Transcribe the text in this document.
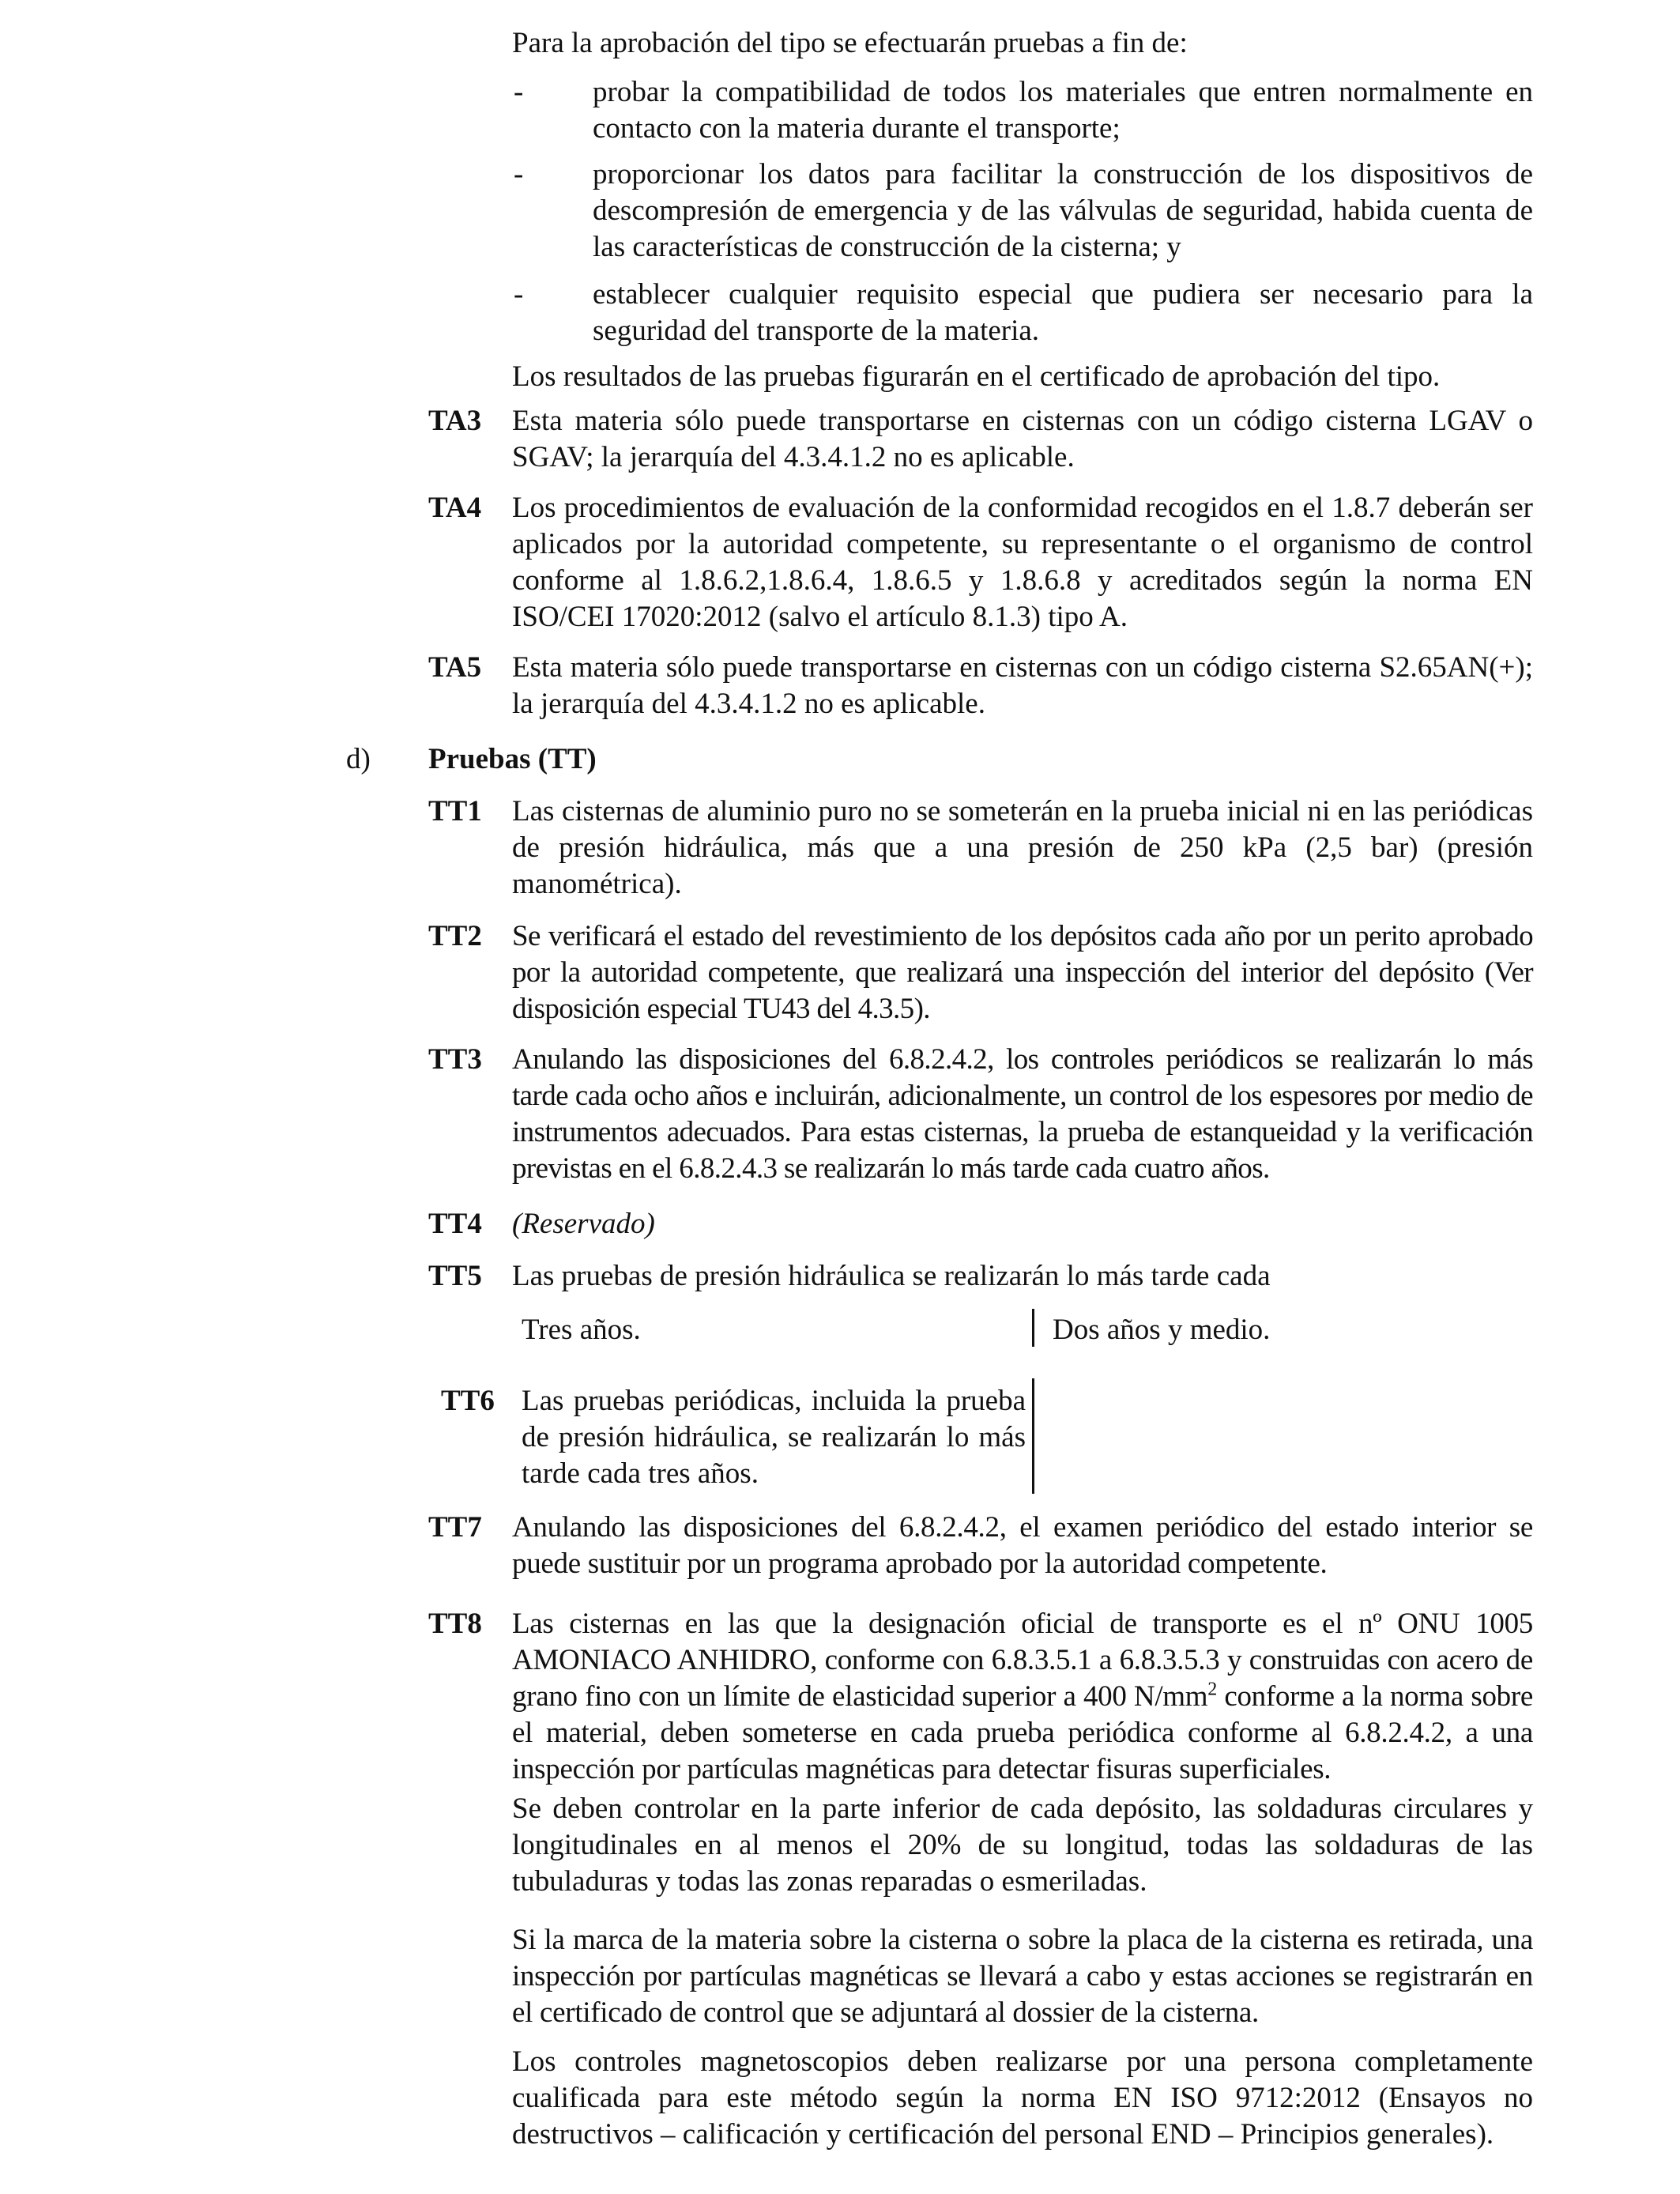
Para la aprobación del tipo se efectuarán pruebas a fin de:

- probar la compatibilidad de todos los materiales que entren normalmente en contacto con la materia durante el transporte;

- proporcionar los datos para facilitar la construcción de los dispositivos de descompresión de emergencia y de las válvulas de seguridad, habida cuenta de las características de construcción de la cisterna; y

- establecer cualquier requisito especial que pudiera ser necesario para la seguridad del transporte de la materia.

Los resultados de las pruebas figurarán en el certificado de aprobación del tipo.

TA3 Esta materia sólo puede transportarse en cisternas con un código cisterna LGAV o SGAV; la jerarquía del 4.3.4.1.2 no es aplicable.

TA4 Los procedimientos de evaluación de la conformidad recogidos en el 1.8.7 deberán ser aplicados por la autoridad competente, su representante o el organismo de control conforme al 1.8.6.2,1.8.6.4, 1.8.6.5 y 1.8.6.8 y acreditados según la norma EN ISO/CEI 17020:2012 (salvo el artículo 8.1.3) tipo A.

TA5 Esta materia sólo puede transportarse en cisternas con un código cisterna S2.65AN(+); la jerarquía del 4.3.4.1.2 no es aplicable.

d) Pruebas (TT)
TT1 Las cisternas de aluminio puro no se someterán en la prueba inicial ni en las periódicas de presión hidráulica, más que a una presión de 250 kPa (2,5 bar) (presión manométrica).

TT2 Se verificará el estado del revestimiento de los depósitos cada año por un perito aprobado por la autoridad competente, que realizará una inspección del interior del depósito (Ver disposición especial TU43 del 4.3.5).

TT3 Anulando las disposiciones del 6.8.2.4.2, los controles periódicos se realizarán lo más tarde cada ocho años e incluirán, adicionalmente, un control de los espesores por medio de instrumentos adecuados. Para estas cisternas, la prueba de estanqueidad y la verificación previstas en el 6.8.2.4.3 se realizarán lo más tarde cada cuatro años.

TT4 (Reservado)

TT5 Las pruebas de presión hidráulica se realizarán lo más tarde cada

Tres años.	Dos años y medio.
TT6 Las pruebas periódicas, incluida la prueba de presión hidráulica, se realizarán lo más tarde cada tres años.

TT7 Anulando las disposiciones del 6.8.2.4.2, el examen periódico del estado interior se puede sustituir por un programa aprobado por la autoridad competente.

TT8 Las cisternas en las que la designación oficial de transporte es el nº ONU 1005 AMONIACO ANHIDRO, conforme con 6.8.3.5.1 a 6.8.3.5.3 y construidas con acero de grano fino con un límite de elasticidad superior a 400 $N/mm^2$ conforme a la norma sobre el material, deben someterse en cada prueba periódica conforme al 6.8.2.4.2, a una inspección por partículas magnéticas para detectar fisuras superficiales.

Se deben controlar en la parte inferior de cada depósito, las soldaduras circulares y longitudinales en al menos el 20% de su longitud, todas las soldaduras de las tubuladuras y todas las zonas reparadas o esmeriladas.

Si la marca de la materia sobre la cisterna o sobre la placa de la cisterna es retirada, una inspección por partículas magnéticas se llevará a cabo y estas acciones se registrarán en el certificado de control que se adjuntará al dossier de la cisterna.

Los controles magnetoscopios deben realizarse por una persona completamente cualificada para este método según la norma EN ISO 9712:2012 (Ensayos no destructivos – calificación y certificación del personal END – Principios generales).
